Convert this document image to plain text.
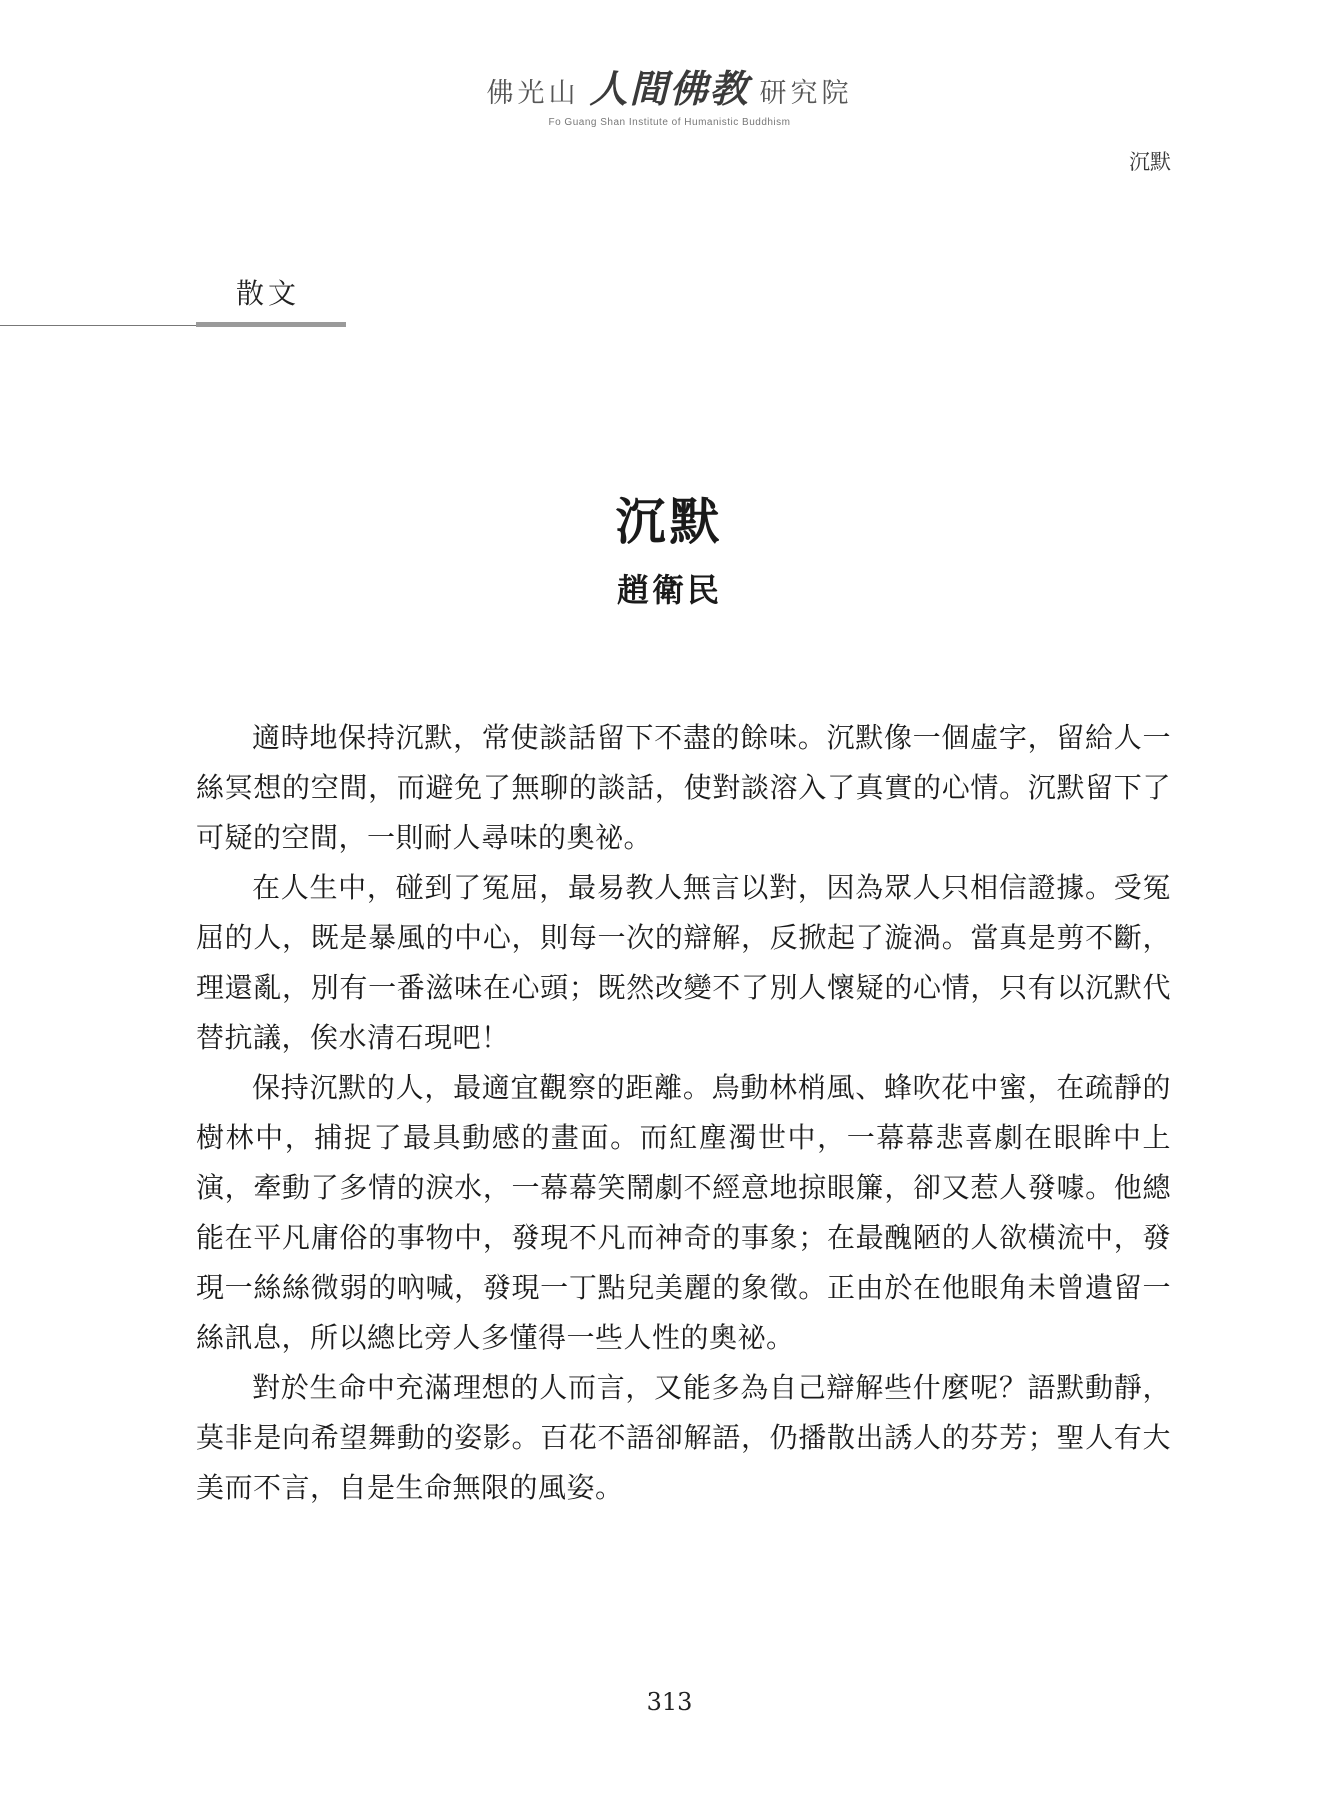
佛光山 人間佛教 研究院
Fo Guang Shan Institute of Humanistic Buddhism
沉默
散文
沉默
趙衛民

適時地保持沉默，常使談話留下不盡的餘味。沉默像一個虛字，留給人一絲冥想的空間，而避免了無聊的談話，使對談溶入了真實的心情。沉默留下了可疑的空間，一則耐人尋味的奧祕。

在人生中，碰到了冤屈，最易教人無言以對，因為眾人只相信證據。受冤屈的人，既是暴風的中心，則每一次的辯解，反掀起了漩渦。當真是剪不斷，理還亂，別有一番滋味在心頭；既然改變不了別人懷疑的心情，只有以沉默代替抗議，俟水清石現吧！

保持沉默的人，最適宜觀察的距離。鳥動林梢風、蜂吹花中蜜，在疏靜的樹林中，捕捉了最具動感的畫面。而紅塵濁世中，一幕幕悲喜劇在眼眸中上演，牽動了多情的淚水，一幕幕笑鬧劇不經意地掠眼簾，卻又惹人發噱。他總能在平凡庸俗的事物中，發現不凡而神奇的事象；在最醜陋的人欲橫流中，發現一絲絲微弱的吶喊，發現一丁點兒美麗的象徵。正由於在他眼角未曾遺留一絲訊息，所以總比旁人多懂得一些人性的奧祕。

對於生命中充滿理想的人而言，又能多為自己辯解些什麼呢？語默動靜，莫非是向希望舞動的姿影。百花不語卻解語，仍播散出誘人的芬芳；聖人有大美而不言，自是生命無限的風姿。

313
